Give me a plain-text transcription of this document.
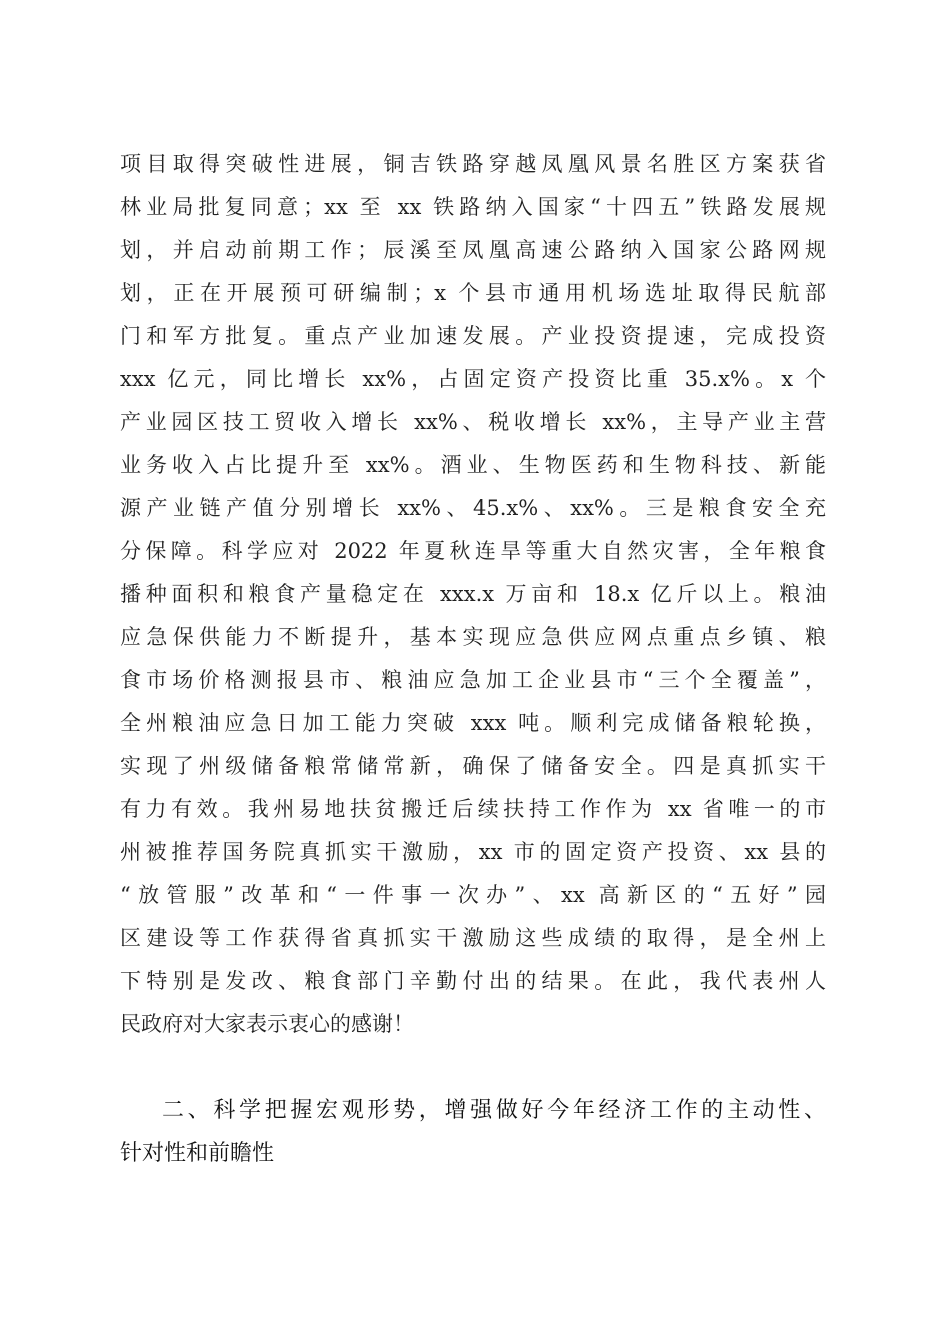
项目取得突破性进展，铜吉铁路穿越凤凰风景名胜区方案获省
林业局批复同意；xx 至 xx 铁路纳入国家“十四五”铁路发展规
划，并启动前期工作；辰溪至凤凰高速公路纳入国家公路网规
划，正在开展预可研编制；x 个县市通用机场选址取得民航部
门和军方批复。重点产业加速发展。产业投资提速，完成投资
xxx 亿元，同比增长 xx%，占固定资产投资比重 35.x%。x 个
产业园区技工贸收入增长 xx%、税收增长 xx%，主导产业主营
业务收入占比提升至 xx%。酒业、生物医药和生物科技、新能
源产业链产值分别增长 xx%、45.x%、xx%。三是粮食安全充
分保障。科学应对 2022 年夏秋连旱等重大自然灾害，全年粮食
播种面积和粮食产量稳定在 xxx.x 万亩和 18.x 亿斤以上。粮油
应急保供能力不断提升，基本实现应急供应网点重点乡镇、粮
食市场价格测报县市、粮油应急加工企业县市“三个全覆盖”，
全州粮油应急日加工能力突破 xxx 吨。顺利完成储备粮轮换，
实现了州级储备粮常储常新，确保了储备安全。四是真抓实干
有力有效。我州易地扶贫搬迁后续扶持工作作为 xx 省唯一的市
州被推荐国务院真抓实干激励，xx 市的固定资产投资、xx 县的
“放管服”改革和“一件事一次办”、xx 高新区的“五好”园
区建设等工作获得省真抓实干激励这些成绩的取得，是全州上
下特别是发改、粮食部门辛勤付出的结果。在此，我代表州人
民政府对大家表示衷心的感谢！
二、科学把握宏观形势，增强做好今年经济工作的主动性、
针对性和前瞻性
